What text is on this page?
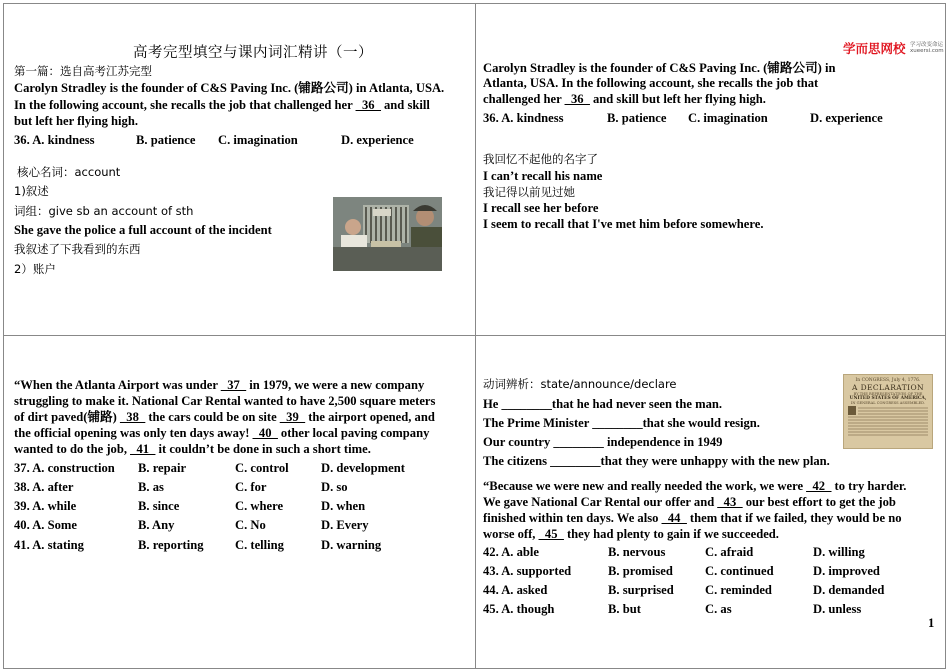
高考完型填空与课内词汇精讲（一）
第一篇：选自高考江苏完型
Carolyn Stradley is the founder of C&S Paving Inc. (铺路公司) in Atlanta, USA.
In the following account, she recalls the job that challenged her _36_ and skill
but left her flying high.
36. A. kindness	B. patience C. imagination	D. experience
核心名词：account
1)叙述
词组：give sb an account of sth
She gave the police a full account of the incident
我叙述了下我看到的东西
2）账户
学而思网校 学习改变命运
xueersi.com
Carolyn Stradley is the founder of C&S Paving Inc. (铺路公司) in
Atlanta, USA. In the following account, she recalls the job that
challenged her _36_ and skill but left her flying high.
36. A. kindness	B. patience C. imagination	D. experience
我回忆不起他的名字了
I can’t recall his name
我记得以前见过她
I recall see her before
I seem to recall that I've met him before somewhere.
“When the Atlanta Airport was under _37_ in 1979, we were a new company
struggling to make it. National Car Rental wanted to have 2,500 square meters
of dirt paved(铺路) _38_ the cars could be on site _39_ the airport opened, and
the official opening was only ten days away! _40_ other local paving company
wanted to do the job, _41_ it couldn’t be done in such a short time.
37. A. construction B. repair	C. control	D. development
38. A. after	B. as	C. for	D. so
39. A. while	B. since	C. where	D. when
40. A. Some	B. Any	C. No	D. Every
41. A. stating	B. reporting C. telling	D. warning
动词辨析：state/announce/declare
He ________that he had never seen the man.
The Prime Minister ________that she would resign.
Our country ________ independence in 1949
The citizens ________that they were unhappy with the new plan.
In CONGRESS, July 4, 1776.
A DECLARATION
BY THE REPRESENTATIVES OF THE
UNITED STATES OF AMERICA,
IN GENERAL CONGRESS ASSEMBLED.
“Because we were new and really needed the work, we were _42_ to try harder.
We gave National Car Rental our offer and _43_ our best effort to get the job
finished within ten days. We also _44_ them that if we failed, they would be no
worse off, _45_ they had plenty to gain if we succeeded.
42. A. able	B. nervous	C. afraid	D. willing
43. A. supported	B. promised	C. continued	D. improved
44. A. asked	B. surprised C. reminded	D. demanded
45. A. though	B. but	C. as	D. unless
1
